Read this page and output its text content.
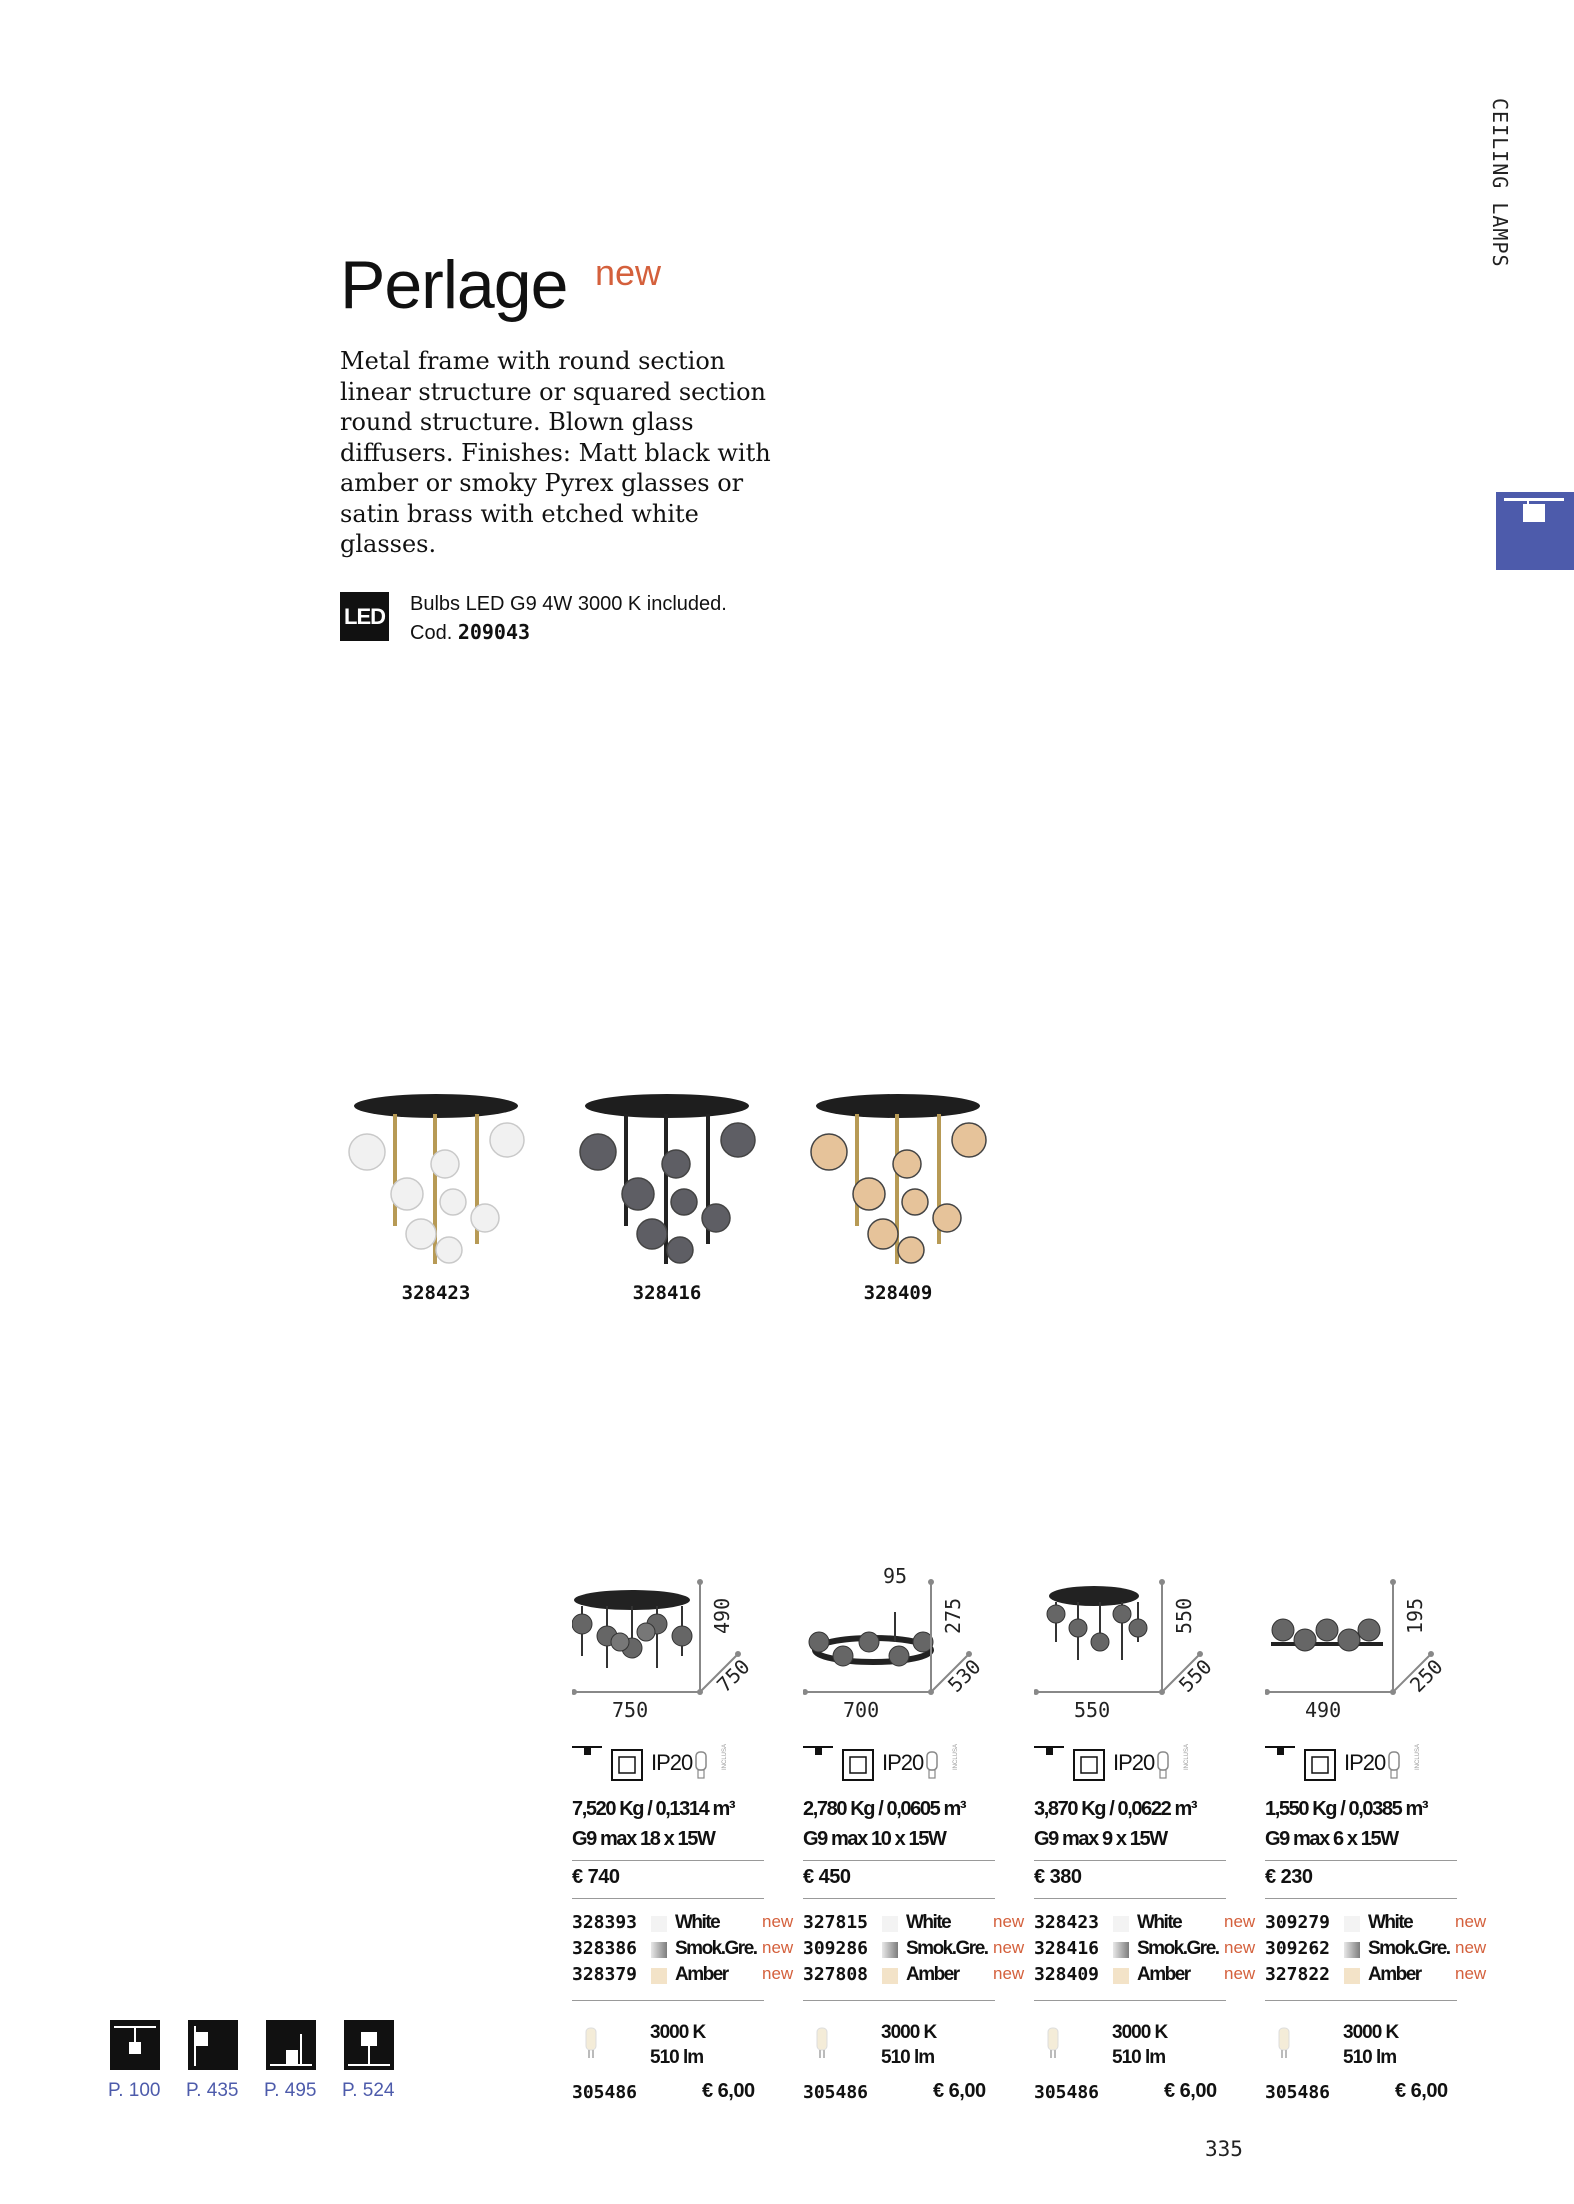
CEILING LAMPS
Perlage new
Metal frame with round section linear structure or squared section round structure. Blown glass diffusers. Finishes: Matt black with amber or smoky Pyrex glasses or satin brass with etched white glasses.
LED Bulbs LED G9 4W 3000 K included.
Cod. 209043
328423	328416	328409
P. 100 P. 435 P. 495 P. 524
750
490
750
IP20	INCLUSA
7,520 Kg / 0,1314 m³
G9 max 18 x 15W
€ 740
328393 White	new
328386 Smok.Gre. new
328379 Amber new
3000 K
510 lm
305486	€ 6,00
700
275
530
95
IP20	INCLUSA
2,780 Kg / 0,0605 m³
G9 max 10 x 15W
€ 450
327815 White	new
309286 Smok.Gre. new
327808 Amber new
3000 K
510 lm
305486	€ 6,00
550
550
550
IP20	INCLUSA
3,870 Kg / 0,0622 m³
G9 max 9 x 15W
€ 380
328423 White	new
328416 Smok.Gre. new
328409 Amber new
3000 K
510 lm
305486	€ 6,00
490
195
250
IP20	INCLUSA
1,550 Kg / 0,0385 m³
G9 max 6 x 15W
€ 230
309279 White	new
309262 Smok.Gre. new
327822 Amber new
3000 K
510 lm
305486	€ 6,00
335
